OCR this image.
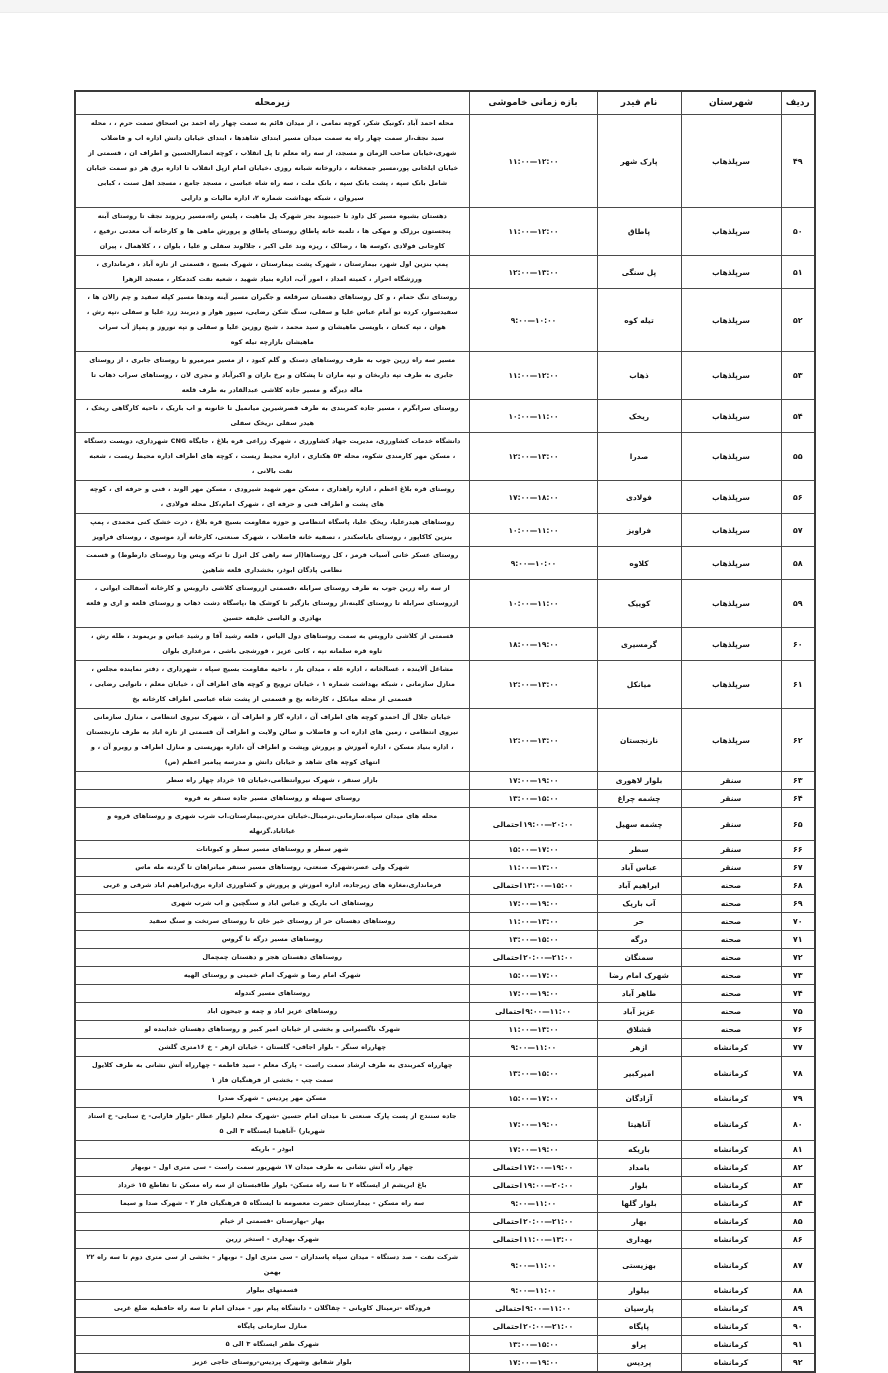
ردیف	شهرستان	نام فیدر	بازه زمانی خاموشی	زیرمحله
۴۹	سرپلذهاب	پارک شهر	۱۱:۰۰—۱۲:۰۰	محله احمد آباد ،کونیک شکر، کوچه نمامی ، از میدان قائم به سمت چهار راه احمد بن اسحاق سمت حرم ، ، محله سید نجف،از سمت چهار راه به سمت میدان مسیر ابتدای شاهدها ، ابتدای خیابان دانش اداره اب و فاضلاب شهری،خیابان صاحب الزمان و مسجد، از سه راه معلم تا پل انقلاب ، کوچه انصارالحسین و اطراف ان ، قسمتی از خیابان ایلخانی پور،مسیر جمعخانه ، داروخانه شبانه روزی ،خیابان امام ازپل انقلاب تا اداره برق هر دو سمت خیابان شامل بانک سپه ، پشت بانک سپه ، بانک ملت ، سه راه شاه عباسی ، مسجد جامع ، مسجد اهل سنت ، کبابی سیروان ، شبکه بهداشت شماره ۲، اداره مالیات و دارایی
۵۰	سرپلذهاب	پاطاق	۱۱:۰۰—۱۲:۰۰	دهستان بشیوه مسیر کل داود تا حبیبوند بجز شهرک پل ماهیت ، پلیس راه،مسیر ریزوند نجف تا روستای آبنه پنجستون برزلک و مهکی ها ، تلمبه خانه پاطاق روستای پاطاق و پرورش ماهی ها و کارخانه آب معدنی ،رفیع ، کاوجانی فولادی ،کوسه ها ، رضالک ، ریزه وند علی اکبر ، جلالوند سفلی و علیا ، بلوان ، ، کلاهمال ، پیران
۵۱	سرپلذهاب	پل سنگی	۱۲:۰۰—۱۳:۰۰	پمپ بنزین اول شهر، بیمارستان ، شهرک پشت بیمارستان ، شهرک بسیج ، قسمتی از تازه آباد ، فرمانداری ، ورزشگاه احرار ، کمیته امداد ، امور آب، اداره بنیاد شهید ، شعبه نفت کندمکار ، مسجد الزهرا
۵۲	سرپلذهاب	تیله کوه	۹:۰۰—۱۰:۰۰	روستای تنگ حمام ، و کل روستاهای دهستان سرقلعه و جگیران مسیر آینه وندها مسیر کپله سفید و چم زالان ها ، سفیدسوار، کرده نو آمام عباس علیا و سفلی، سنگ شکن رضایی، سپور هوار و دیربند زرد علیا و سفلی ،تپه رش ، هوان ، تپه کنعان ، باویسی ماهیشان و سید محمد ، شیخ روزین علیا و سفلی و تپه نوروز و پمپاژ آب سراب ماهیشان بازارچه تیله کوه
۵۳	سرپلذهاب	ذهاب	۱۱:۰۰—۱۲:۰۰	مسیر سه راه زرین جوب به طرف روستاهای دستک و گلم کبود ، از مسیر میرمیرو تا روستای جابری ، از روستای جابری به طرف تپه داربخان و تپه ماران تا پشکان و برخ باران و اکبرآباد و مجری لان ، روستاهای سراب ذهاب تا ماله دیزگه و مسیر جاده کلاشی عبدالقادر به طرف قلعه
۵۴	سرپلذهاب	ریخک	۱۰:۰۰—۱۱:۰۰	روستای سرابگرم ، مسیر جاده کمربندی به طرف قصرشیرین میانمیل تا خانونه و اب باریک ، ناحیه کارگاهی ریخک ، هیدر سفلی ،ریخک سفلی
۵۵	سرپلذهاب	صدرا	۱۲:۰۰—۱۳:۰۰	دانشگاه خدمات کشاورزی، مدیریت جهاد کشاورزی ، شهرک زراعی قره بلاغ ، جایگاه CNG شهرداری، دویست دستگاه ، مسکن مهر کارمندی شکوه، محله ۵۴ هکتاری ، اداره محیط زیست ، کوچه های اطراف اداره محیط زیست ، شعبه نفت بالانی ،
۵۶	سرپلذهاب	فولادی	۱۷:۰۰—۱۸:۰۰	روستای قره بلاغ اعظم ، اداره راهداری ، مسکن مهر شهید شیرودی ، مسکن مهر الوند ، فنی و حرفه ای ، کوچه های پشت و اطراف فنی و حرفه ای ، شهرک امام،کل محله فولادی ،
۵۷	سرپلذهاب	فراویز	۱۰:۰۰—۱۱:۰۰	روستاهای هیدرعلیا، ریخک علیا، پاسگاه انتظامی و حوزه مقاومت بسیج قره بلاغ ، ذرت خشک کنی محمدی ، پمپ بنزین کاکاپور ، روستای باباسکندر ، تصفیه خانه فاضلاب ، شهرک صنعتی، کارخانه آرد موسوی ، روستای فراویز
۵۸	سرپلذهاب	کلاوه	۹:۰۰—۱۰:۰۰	روستای عسکر خانی آسیاب قرمز ، کل روستاها(از سه راهی کل انزل تا ترکه ویس وتا روستای دارطوط) و قسمت نظامی پادگان ابوذر، بخشداری قلعه شاهین
۵۹	سرپلذهاب	کوییک	۱۰:۰۰—۱۱:۰۰	از سه راه زرین جوب به طرف روستای سرابله ،قسمتی ازروستای کلاشی داروبس و کارخانه آسفالت ایوانی ، ازروستای سرابله تا روستای گلینه،از روستای بازگیر تا کوشک ها ،پاسگاه دشت ذهاب و روستای قلعه و اری و قلعه بهادری و الیاسی خلیفه حسین
۶۰	سرپلذهاب	گرمسیری	۱۸:۰۰—۱۹:۰۰	قسمتی از کلاشی داروبس به سمت روستاهای دول الیاس ، قلعه رشید آقا و رشید عباس و بریموند ، ظله رش ، تاوه قره سلمانه تپه ، کانی عزیز ، قورشجی باشی ، مرغداری بلوان
۶۱	سرپلذهاب	میانکل	۱۲:۰۰—۱۳:۰۰	مشاغل آلاینده ، غسالخانه ، اداره غله ، میدان بار ، ناحیه مقاومت بسیج سپاه ، شهرداری ، دفتر نماینده مجلس ، منازل سازمانی ، شبکه بهداشت شماره ۱ ، خیابان ترویج و کوچه های اطراف آن ، خیابان معلم ، نانوایی رضایی ، قسمتی از محله میانکل ، کارخانه یخ و قسمتی از پشت شاه عباسی اطراف کارخانه یخ
۶۲	سرپلذهاب	نارنجستان	۱۲:۰۰—۱۳:۰۰	خیابان جلال آل احمدو کوچه های اطراف آن ، اداره گاز و اطراف آن ، شهرک نیروی انتظامی ، منازل سازمانی نیروی انتظامی ، زمین های اداره اب و فاضلاب و سالن ولایت و اطراف آن قسمتی از تازه اباد به طرف نارنجستان ، اداره بنیاد مسکن ، اداره آموزش و پرورش وپشت و اطراف آن ،اداره بهزیستی و منازل اطراف و روبرو آن ، و انتهای کوچه های شاهد و خیابان دانش و مدرسه پیامبر اعظم (ص)
۶۳	سنقر	بلوار لاهوری	۱۷:۰۰—۱۹:۰۰	بازار سنقر ، شهرک نیروانتظامی،خیابان ۱۵ خرداد چهار راه سطر
۶۴	سنقر	چشمه چراغ	۱۳:۰۰—۱۵:۰۰	روستای سهنله و روستاهای مسیر جاده سنقر به قروه
۶۵	سنقر	چشمه سهیل	احتمالی۱۹:۰۰—۲۰:۰۰	محله های میدان سپاه.سازمانی.ترمینال.خیابان مدرس.بیمارستان.اب شرب شهری و روستاهای قروه و غیاثاباد.گزنهله
۶۶	سنقر	سطر	۱۵:۰۰—۱۷:۰۰	شهر سطر و روستاهای مسیر سطر و کیوناتات
۶۷	سنقر	عباس آباد	۱۱:۰۰—۱۳:۰۰	شهرک ولی عصر،شهرک صنعتی، روستاهای مسیر سنقر میانراهان تا گردنه مله ماس
۶۸	صحنه	ابراهیم آباد	احتمالی۱۳:۰۰—۱۵:۰۰	فرمانداری،مغازه های زیرجاده، اداره اموزش و پرورش و کشاورزی اداره برق،ابراهیم اباد شرقی و غربی
۶۹	صحنه	آب باریک	۱۷:۰۰—۱۹:۰۰	روستاهای اب باریک و عباس اباد و سنگچین و اب شرب شهری
۷۰	صحنه	حر	۱۱:۰۰—۱۳:۰۰	روستاهای دهستان حر از روستای خیر خان تا روستای سرتخت و سنگ سفید
۷۱	صحنه	درگه	۱۳:۰۰—۱۵:۰۰	روستاهای مسیر درگه تا گروس
۷۲	صحنه	سمنگان	احتمالی۲۰:۰۰—۲۱:۰۰	روستاهای دهستان هجر و دهستان چمچمال
۷۳	صحنه	شهرک امام رضا	۱۵:۰۰—۱۷:۰۰	شهرک امام رضا و شهرک امام خمینی و روستای الهیه
۷۴	صحنه	طاهر آباد	۱۷:۰۰—۱۹:۰۰	روستاهای مسیر کندوله
۷۵	صحنه	عزیز آباد	احتمالی۹:۰۰—۱۱:۰۰	روستاهای عزیز اباد و چمه و جیحون اباد
۷۶	صحنه	قشلاق	۱۱:۰۰—۱۳:۰۰	شهرک ناگسیرانی و بخشی از خیابان امیر کبیر و روستاهای دهستان خدابنده لو
۷۷	کرمانشاه	ازهر	۹:۰۰—۱۱:۰۰	چهارراه سنگر - بلوار اجاقی- گلستان - خیابان ازهر - خ ۱۶متری گلشن
۷۸	کرمانشاه	امیرکبیر	۱۳:۰۰—۱۵:۰۰	چهارراه کمربندی به طرف ارشاد سمت راست - پارک معلم - سید فاطمه - چهارراه آتش نشانی به طرف کلایول سمت چپ - بخشی از فرهنگیان فاز ۱
۷۹	کرمانشاه	آزادگان	۱۵:۰۰—۱۷:۰۰	مسکن مهر پردیس - شهرک صدرا
۸۰	کرمانشاه	آناهیتا	۱۷:۰۰—۱۹:۰۰	جاده سنندج از پست پارک صنعتی تا میدان امام حسین -شهرک معلم (بلوار عطار -بلوار فارابی- خ سنایی- خ استاد شهریار) -آناهیتا ایستگاه ۳ الی ۵
۸۱	کرمانشاه	باریکه	۱۷:۰۰—۱۹:۰۰	ابوذر - باریکه
۸۲	کرمانشاه	بامداد	احتمالی۱۷:۰۰—۱۹:۰۰	چهار راه آتش نشانی به طرف میدان ۱۷ شهریور سمت راست - سی متری اول - نوبهار
۸۳	کرمانشاه	بلوار	احتمالی۱۹:۰۰—۲۰:۰۰	باغ ابریشم از ایستگاه ۲ تا سه راه مسکن- بلوار طاقبستان از سه راه مسکن تا تقاطع ۱۵ خرداد
۸۴	کرمانشاه	بلوار گلها	۹:۰۰—۱۱:۰۰	سه راه مسکن - بیمارستان حضرت معصومه تا ایستگاه ۵ فرهنگیان فاز ۲ - شهرک صدا و سیما
۸۵	کرمانشاه	بهار	احتمالی۲۰:۰۰—۲۱:۰۰	بهار -بهارستان -قسمتی از خیام
۸۶	کرمانشاه	بهداری	احتمالی۱۱:۰۰—۱۳:۰۰	شهرک بهداری - استخر زرین
۸۷	کرمانشاه	بهزیستی	۹:۰۰—۱۱:۰۰	شرکت نفت - صد دستگاه - میدان سپاه پاسداران - سی متری اول - نوبهار - بخشی از سی متری دوم تا سه راه ۲۲ بهمن
۸۸	کرمانشاه	بیلوار	۹:۰۰—۱۱:۰۰	قسمتهای بیلوار
۸۹	کرمانشاه	پارسیان	احتمالی۹:۰۰—۱۱:۰۰	فرودگاه -ترمینال کاویانی - چقاگلان - دانشگاه پیام نور - میدان امام تا سه راه حافظیه ضلع غربی
۹۰	کرمانشاه	پایگاه	احتمالی۲۰:۰۰—۲۱:۰۰	منازل سازمانی پایگاه
۹۱	کرمانشاه	پراو	۱۳:۰۰—۱۵:۰۰	شهرک ظفر ایستگاه ۳ الی ۵
۹۲	کرمانشاه	پردیس	۱۷:۰۰—۱۹:۰۰	بلوار شقایق وشهرک پردیس-روستای حاجی عزیز
